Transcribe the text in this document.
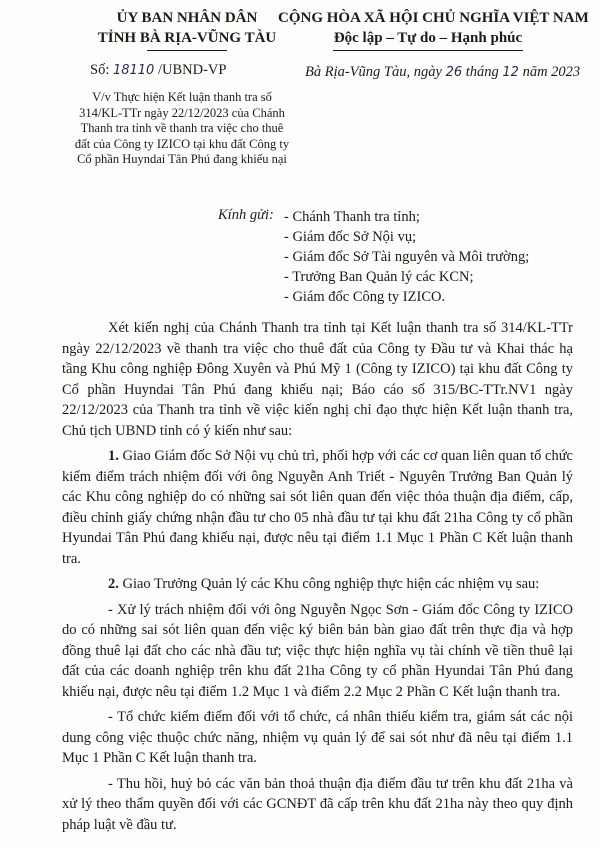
ỦY BAN NHÂN DÂN
TỈNH BÀ RỊA-VŨNG TÀU
CỘNG HÒA XÃ HỘI CHỦ NGHĨA VIỆT NAM
Độc lập – Tự do – Hạnh phúc
Số: 18110 /UBND-VP	Bà Rịa-Vũng Tàu, ngày 26 tháng 12 năm 2023
V/v Thực hiện Kết luận thanh tra số 314/KL-TTr ngày 22/12/2023 của Chánh Thanh tra tỉnh về thanh tra việc cho thuê đất của Công ty IZICO tại khu đất Công ty Cổ phần Huyndai Tân Phú đang khiếu nại
Kính gửi: - Chánh Thanh tra tỉnh;
- Giám đốc Sở Nội vụ;
- Giám đốc Sở Tài nguyên và Môi trường;
- Trưởng Ban Quản lý các KCN;
- Giám đốc Công ty IZICO.

Xét kiến nghị của Chánh Thanh tra tỉnh tại Kết luận thanh tra số 314/KL-TTr ngày 22/12/2023 về thanh tra việc cho thuê đất của Công ty Đầu tư và Khai thác hạ tầng Khu công nghiệp Đông Xuyên và Phú Mỹ 1 (Công ty IZICO) tại khu đất Công ty Cổ phần Huyndai Tân Phú đang khiếu nại; Báo cáo số 315/BC-TTr.NV1 ngày 22/12/2023 của Thanh tra tỉnh về việc kiến nghị chỉ đạo thực hiện Kết luận thanh tra, Chủ tịch UBND tỉnh có ý kiến như sau:

1. Giao Giám đốc Sở Nội vụ chủ trì, phối hợp với các cơ quan liên quan tổ chức kiểm điểm trách nhiệm đối với ông Nguyễn Anh Triết - Nguyên Trưởng Ban Quản lý các Khu công nghiệp do có những sai sót liên quan đến việc thỏa thuận địa điểm, cấp, điều chỉnh giấy chứng nhận đầu tư cho 05 nhà đầu tư tại khu đất 21ha Công ty cổ phần Hyundai Tân Phú đang khiếu nại, được nêu tại điểm 1.1 Mục 1 Phần C Kết luận thanh tra.

2. Giao Trưởng Quản lý các Khu công nghiệp thực hiện các nhiệm vụ sau:

- Xử lý trách nhiệm đối với ông Nguyễn Ngọc Sơn - Giám đốc Công ty IZICO do có những sai sót liên quan đến việc ký biên bản bàn giao đất trên thực địa và hợp đồng thuê lại đất cho các nhà đầu tư; việc thực hiện nghĩa vụ tài chính về tiền thuê lại đất của các doanh nghiệp trên khu đất 21ha Công ty cổ phần Hyundai Tân Phú đang khiếu nại, được nêu tại điểm 1.2 Mục 1 và điểm 2.2 Mục 2 Phần C Kết luận thanh tra.

- Tổ chức kiểm điểm đối với tổ chức, cá nhân thiếu kiểm tra, giám sát các nội dung công việc thuộc chức năng, nhiệm vụ quản lý để sai sót như đã nêu tại điểm 1.1 Mục 1 Phần C Kết luận thanh tra.

- Thu hồi, huỷ bỏ các văn bản thoả thuận địa điểm đầu tư trên khu đất 21ha và xử lý theo thẩm quyền đối với các GCNĐT đã cấp trên khu đất 21ha này theo quy định pháp luật về đầu tư.
